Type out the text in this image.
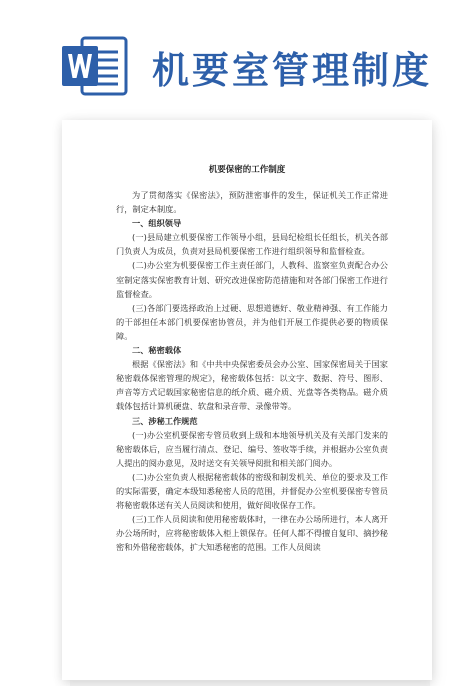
机要室管理制度
机要保密的工作制度

为了贯彻落实《保密法》，预防泄密事件的发生，保证机关工作正常进行，制定本制度。

一、组织领导

(一)县局建立机要保密工作领导小组，县局纪检组长任组长，机关各部门负责人为成员，负责对县局机要保密工作进行组织领导和监督检查。

(二)办公室为机要保密工作主责任部门，人教科、监察室负责配合办公室制定落实保密教育计划、研究改进保密防范措施和对各部门保密工作进行监督检查。

(三)各部门要选择政治上过硬、思想道德好、敬业精神强、有工作能力的干部担任本部门机要保密协管员，并为他们开展工作提供必要的物质保障。

二、秘密载体

根据《保密法》和《中共中央保密委员会办公室、国家保密局关于国家秘密载体保密管理的规定》，秘密载体包括：以文字、数据、符号、图形、声音等方式记载国家秘密信息的纸介质、磁介质、光盘等各类物品。磁介质载体包括计算机硬盘、软盘和录音带、录像带等。

三、涉秘工作规范

(一)办公室机要保密专管员收到上级和本地领导机关及有关部门发来的秘密载体后，应当履行清点、登记、编号、签收等手续，并根据办公室负责人提出的阅办意见，及时送交有关领导阅批和相关部门阅办。

(二)办公室负责人根据秘密载体的密级和制发机关、单位的要求及工作的实际需要，确定本级知悉秘密人员的范围，并督促办公室机要保密专管员将秘密载体送有关人员阅读和使用，做好阅收保存工作。

(三)工作人员阅读和使用秘密载体时，一律在办公场所进行，本人离开办公场所时，应将秘密载体入柜上锁保存。任何人都不得擅自复印、摘抄秘密和外借秘密载体，扩大知悉秘密的范围。工作人员阅读
